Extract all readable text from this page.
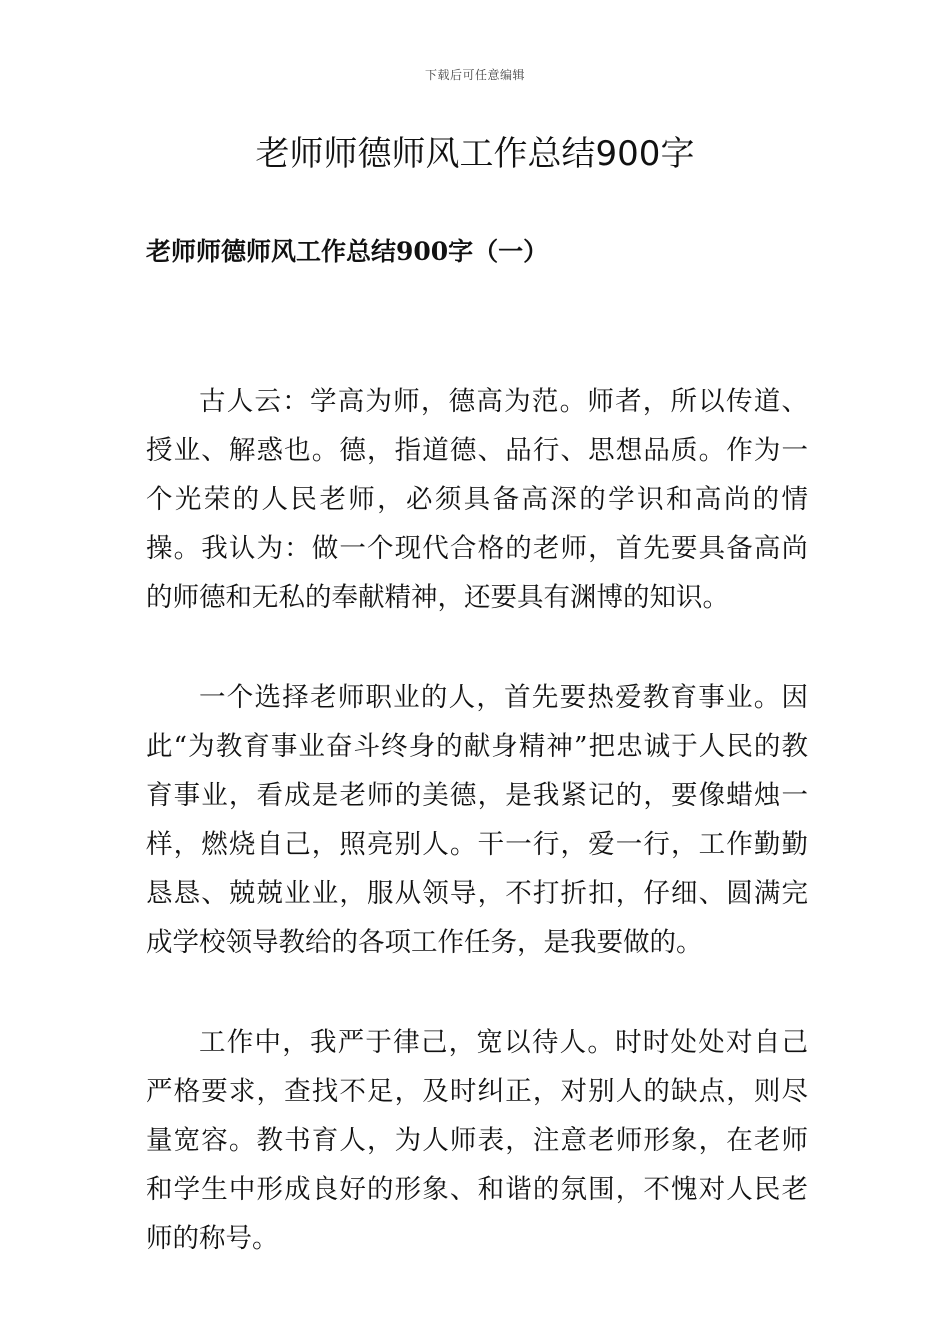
下载后可任意编辑
老师师德师风工作总结900字
老师师德师风工作总结900字（一）

古人云：学高为师，德高为范。师者，所以传道、授业、解惑也。德，指道德、品行、思想品质。作为一个光荣的人民老师，必须具备高深的学识和高尚的情操。我认为：做一个现代合格的老师，首先要具备高尚的师德和无私的奉献精神，还要具有渊博的知识。

一个选择老师职业的人，首先要热爱教育事业。因此“为教育事业奋斗终身的献身精神”把忠诚于人民的教育事业，看成是老师的美德，是我紧记的，要像蜡烛一样，燃烧自己，照亮别人。干一行，爱一行，工作勤勤恳恳、兢兢业业，服从领导，不打折扣，仔细、圆满完成学校领导教给的各项工作任务，是我要做的。

工作中，我严于律己，宽以待人。时时处处对自己严格要求，查找不足，及时纠正，对别人的缺点，则尽量宽容。教书育人，为人师表，注意老师形象，在老师和学生中形成良好的形象、和谐的氛围，不愧对人民老师的称号。
